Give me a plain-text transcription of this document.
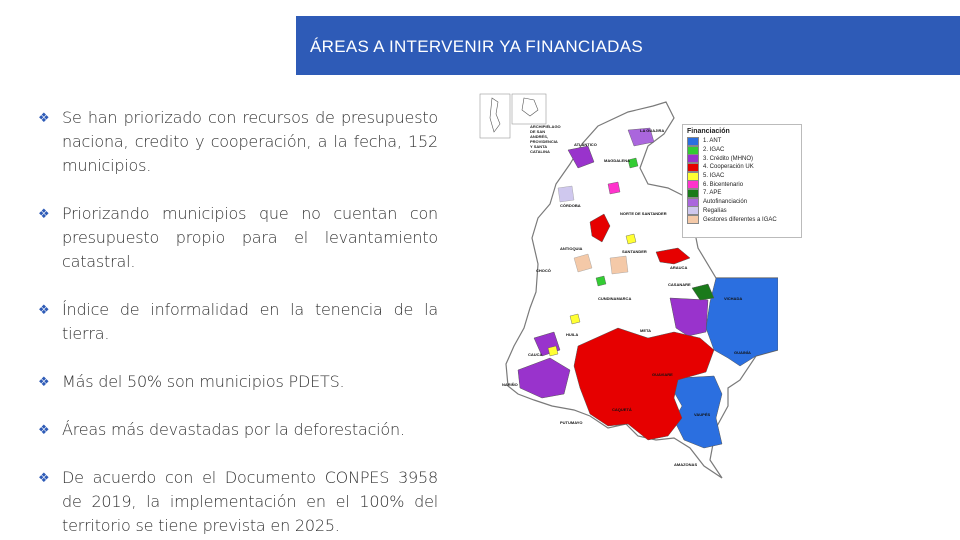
ÁREAS A INTERVENIR YA FINANCIADAS
❖ Se han priorizado con recursos de presupuesto naciona, credito y cooperación, a la fecha, 152 municipios.
❖ Priorizando municipios que no cuentan con presupuesto propio para el levantamiento catastral.
❖ Índice de informalidad en la tenencia de la tierra.
❖ Más del 50% son municipios PDETS.
❖ Áreas más devastadas por la deforestación.
❖ De acuerdo con el Documento CONPES 3958 de 2019, la implementación en el 100% del territorio se tiene prevista en 2025.
ARCHIPIÉLAGO DE SAN ANDRÉS, PROVIDENCIA Y SANTA CATALINA
LA GUAJIRA
ATLÁNTICO
MAGDALENA
CÓRDOBA
NORTE DE SANTANDER
ANTIOQUIA
SANTANDER
CHOCÓ
ARAUCA
CASANARE
VICHADA
CUNDINAMARCA
META
GUAINÍA
GUAVIARE
CAQUETÁ
VAUPÉS
AMAZONAS
NARIÑO
CAUCA
HUILA
PUTUMAYO
Financiación
1. ANT
2. IGAC
3. Crédito (MHNO)
4. Cooperación UK
5. IGAC
6. Bicentenario
7. APE
Autofinanciación
Regalías
Gestores diferentes a IGAC
